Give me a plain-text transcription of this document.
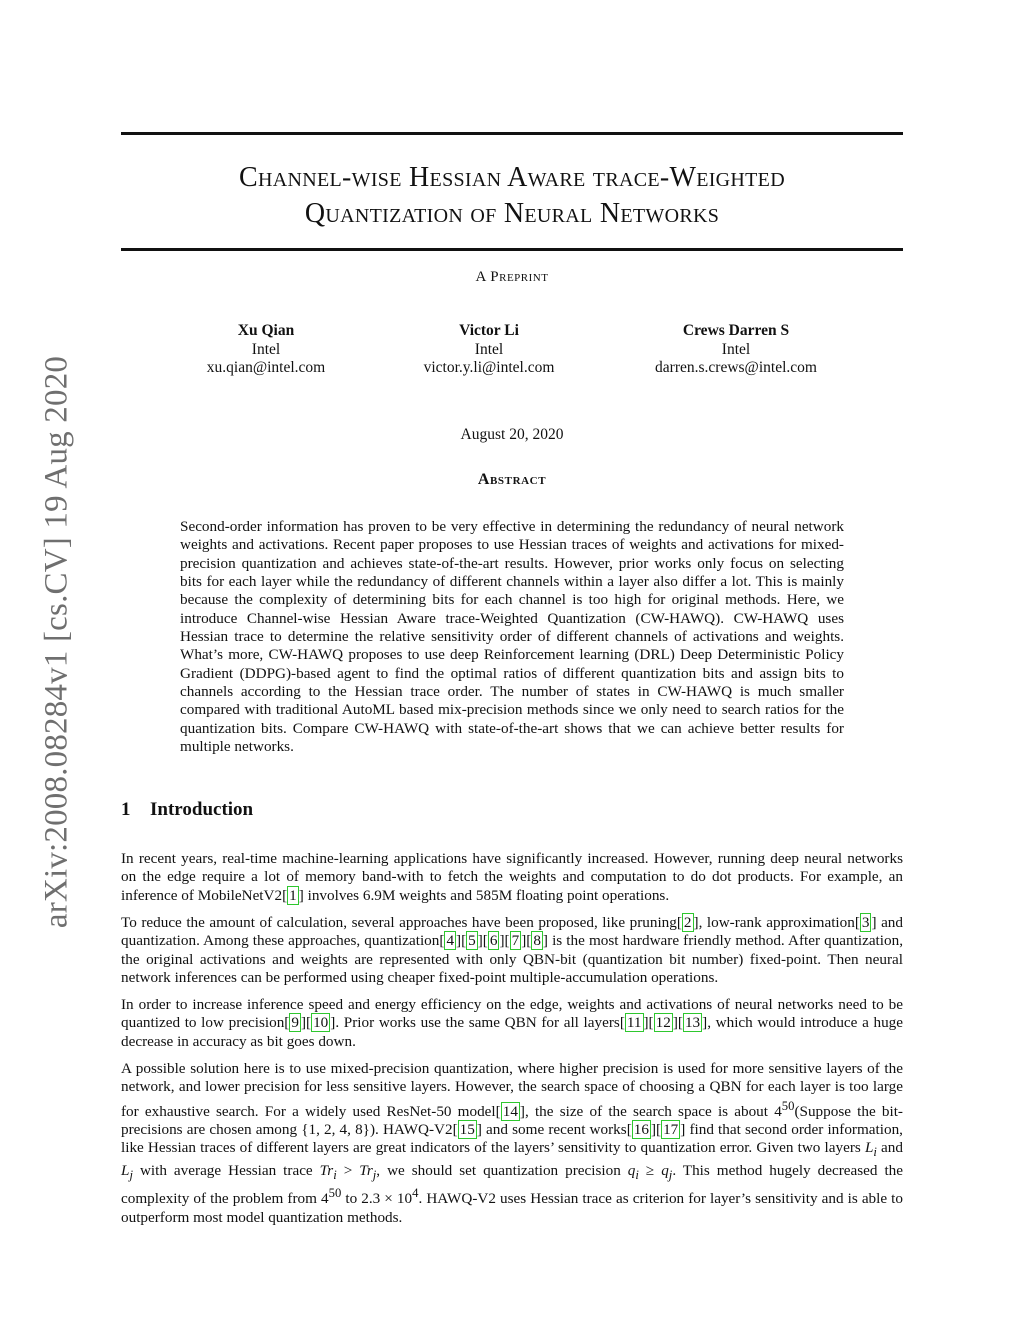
arXiv:2008.08284v1 [cs.CV] 19 Aug 2020
Channel-wise Hessian Aware trace-Weighted
Quantization of Neural Networks
A Preprint
Xu Qian
Intel
xu.qian@intel.com
Victor Li
Intel
victor.y.li@intel.com
Crews Darren S
Intel
darren.s.crews@intel.com
August 20, 2020
Abstract

Second-order information has proven to be very effective in determining the redundancy of neural network weights and activations. Recent paper proposes to use Hessian traces of weights and activations for mixed-precision quantization and achieves state-of-the-art results. However, prior works only focus on selecting bits for each layer while the redundancy of different channels within a layer also differ a lot. This is mainly because the complexity of determining bits for each channel is too high for original methods. Here, we introduce Channel-wise Hessian Aware trace-Weighted Quantization (CW-HAWQ). CW-HAWQ uses Hessian trace to determine the relative sensitivity order of different channels of activations and weights. What’s more, CW-HAWQ proposes to use deep Reinforcement learning (DRL) Deep Deterministic Policy Gradient (DDPG)-based agent to find the optimal ratios of different quantization bits and assign bits to channels according to the Hessian trace order. The number of states in CW-HAWQ is much smaller compared with traditional AutoML based mix-precision methods since we only need to search ratios for the quantization bits. Compare CW-HAWQ with state-of-the-art shows that we can achieve better results for multiple networks.

1 Introduction

In recent years, real-time machine-learning applications have significantly increased. However, running deep neural networks on the edge require a lot of memory band-with to fetch the weights and computation to do dot products. For example, an inference of MobileNetV2[ 1 ] involves 6.9M weights and 585M floating point operations.

To reduce the amount of calculation, several approaches have been proposed, like pruning[ 2 ], low-rank approximation[ 3 ] and quantization. Among these approaches, quantization[ 4 ][ 5 ][ 6 ][ 7 ][ 8 ] is the most hardware friendly method. After quantization, the original activations and weights are represented with only QBN-bit (quantization bit number) fixed-point. Then neural network inferences can be performed using cheaper fixed-point multiple-accumulation operations.

In order to increase inference speed and energy efficiency on the edge, weights and activations of neural networks need to be quantized to low precision[ 9 ][ 10 ]. Prior works use the same QBN for all layers[ 11 ][ 12 ][ 13 ], which would introduce a huge decrease in accuracy as bit goes down.

A possible solution here is to use mixed-precision quantization, where higher precision is used for more sensitive layers of the network, and lower precision for less sensitive layers. However, the search space of choosing a QBN for each layer is too large for exhaustive search. For a widely used ResNet-50 model[ 14 ], the size of the search space is about $4^{50}(Suppose$ the bit-precisions are chosen among {1, 2, 4, 8}). HAWQ-V2[ 15 ] and some recent works[ 16 ][ 17 ] find that second order information, like Hessian traces of different layers are great indicators of the layers’ sensitivity to quantization error. Given two layers $L_i$ and $L_j$ with average Hessian trace $Tr_i > Tr_j$, we should set quantization precision $q_i \ge q_j$. This method hugely decreased the complexity of the problem from $4^{50}$ to $2.3 \times 10^4$. HAWQ-V2 uses Hessian trace as criterion for layer’s sensitivity and is able to outperform most model quantization methods.
